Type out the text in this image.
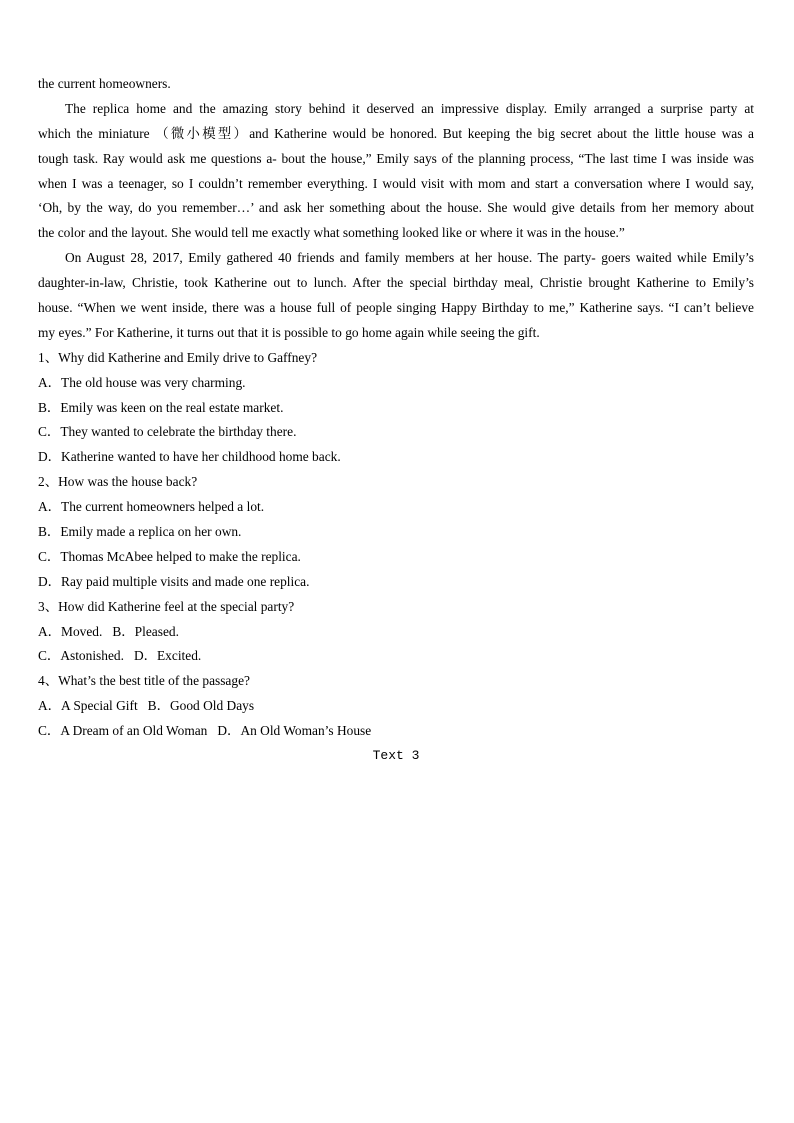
the current homeowners.
The replica home and the amazing story behind it deserved an impressive display. Emily arranged a surprise party at
which the miniature （微小模型）and Katherine would be honored. But keeping the big secret about the little house was a
tough task. Ray would ask me questions a- bout the house,” Emily says of the planning process, “The last time I was inside was
when I was a teenager, so I couldn’t remember everything. I would visit with mom and start a conversation where I would say,
‘Oh, by the way, do you remember…’ and ask her something about the house. She would give details from her memory about
the color and the layout. She would tell me exactly what something looked like or where it was in the house.”
On August 28, 2017, Emily gathered 40 friends and family members at her house. The party- goers waited while Emily’s
daughter-in-law, Christie, took Katherine out to lunch. After the special birthday meal, Christie brought Katherine to Emily’s
house. “When we went inside, there was a house full of people singing Happy Birthday to me,” Katherine says. “I can’t believe
my eyes.” For Katherine, it turns out that it is possible to go home again while seeing the gift.
1、Why did Katherine and Emily drive to Gaffney?
A．The old house was very charming.
B．Emily was keen on the real estate market.
C．They wanted to celebrate the birthday there.
D．Katherine wanted to have her childhood home back.
2、How was the house back?
A．The current homeowners helped a lot.
B．Emily made a replica on her own.
C．Thomas McAbee helped to make the replica.
D．Ray paid multiple visits and made one replica.
3、How did Katherine feel at the special party?
A．Moved. B．Pleased.
C．Astonished. D．Excited.
4、What’s the best title of the passage?
A．A Special Gift B．Good Old Days
C．A Dream of an Old Woman D．An Old Woman’s House
Text 3
